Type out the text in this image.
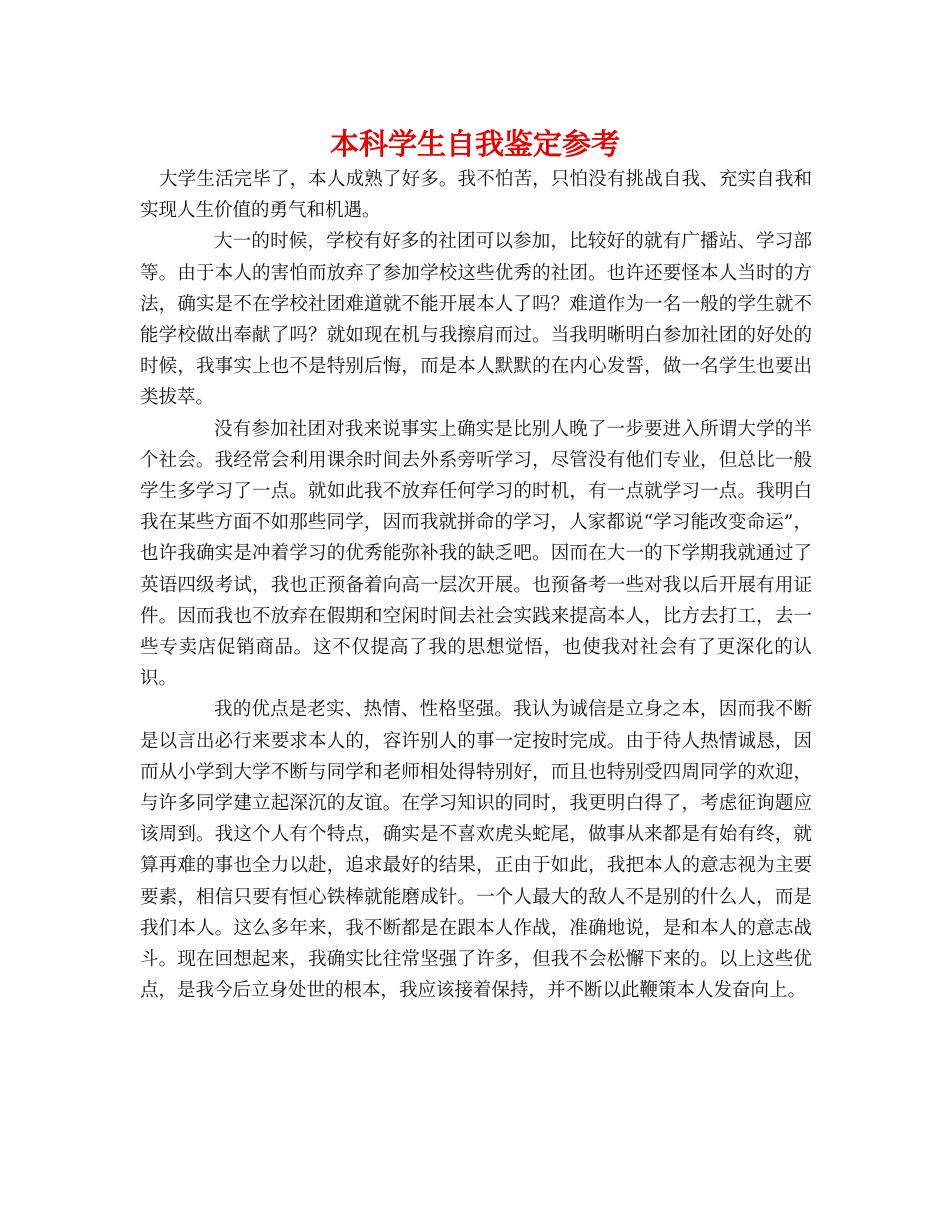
本科学生自我鉴定参考

大学生活完毕了，本人成熟了好多。我不怕苦，只怕没有挑战自我、充实自我和实现人生价值的勇气和机遇。

大一的时候，学校有好多的社团可以参加，比较好的就有广播站、学习部等。由于本人的害怕而放弃了参加学校这些优秀的社团。也许还要怪本人当时的方法，确实是不在学校社团难道就不能开展本人了吗？难道作为一名一般的学生就不能学校做出奉献了吗？就如现在机与我擦肩而过。当我明晰明白参加社团的好处的时候，我事实上也不是特别后悔，而是本人默默的在内心发誓，做一名学生也要出类拔萃。

没有参加社团对我来说事实上确实是比别人晚了一步要进入所谓大学的半个社会。我经常会利用课余时间去外系旁听学习，尽管没有他们专业，但总比一般学生多学习了一点。就如此我不放弃任何学习的时机，有一点就学习一点。我明白我在某些方面不如那些同学，因而我就拼命的学习，人家都说“学习能改变命运”，也许我确实是冲着学习的优秀能弥补我的缺乏吧。因而在大一的下学期我就通过了英语四级考试，我也正预备着向高一层次开展。也预备考一些对我以后开展有用证件。因而我也不放弃在假期和空闲时间去社会实践来提高本人，比方去打工，去一些专卖店促销商品。这不仅提高了我的思想觉悟，也使我对社会有了更深化的认识。

我的优点是老实、热情、性格坚强。我认为诚信是立身之本，因而我不断是以言出必行来要求本人的，容许别人的事一定按时完成。由于待人热情诚恳，因而从小学到大学不断与同学和老师相处得特别好，而且也特别受四周同学的欢迎，与许多同学建立起深沉的友谊。在学习知识的同时，我更明白得了，考虑征询题应该周到。我这个人有个特点，确实是不喜欢虎头蛇尾，做事从来都是有始有终，就算再难的事也全力以赴，追求最好的结果，正由于如此，我把本人的意志视为主要要素，相信只要有恒心铁棒就能磨成针。一个人最大的敌人不是别的什么人，而是我们本人。这么多年来，我不断都是在跟本人作战，准确地说，是和本人的意志战斗。现在回想起来，我确实比往常坚强了许多，但我不会松懈下来的。以上这些优点，是我今后立身处世的根本，我应该接着保持，并不断以此鞭策本人发奋向上。
